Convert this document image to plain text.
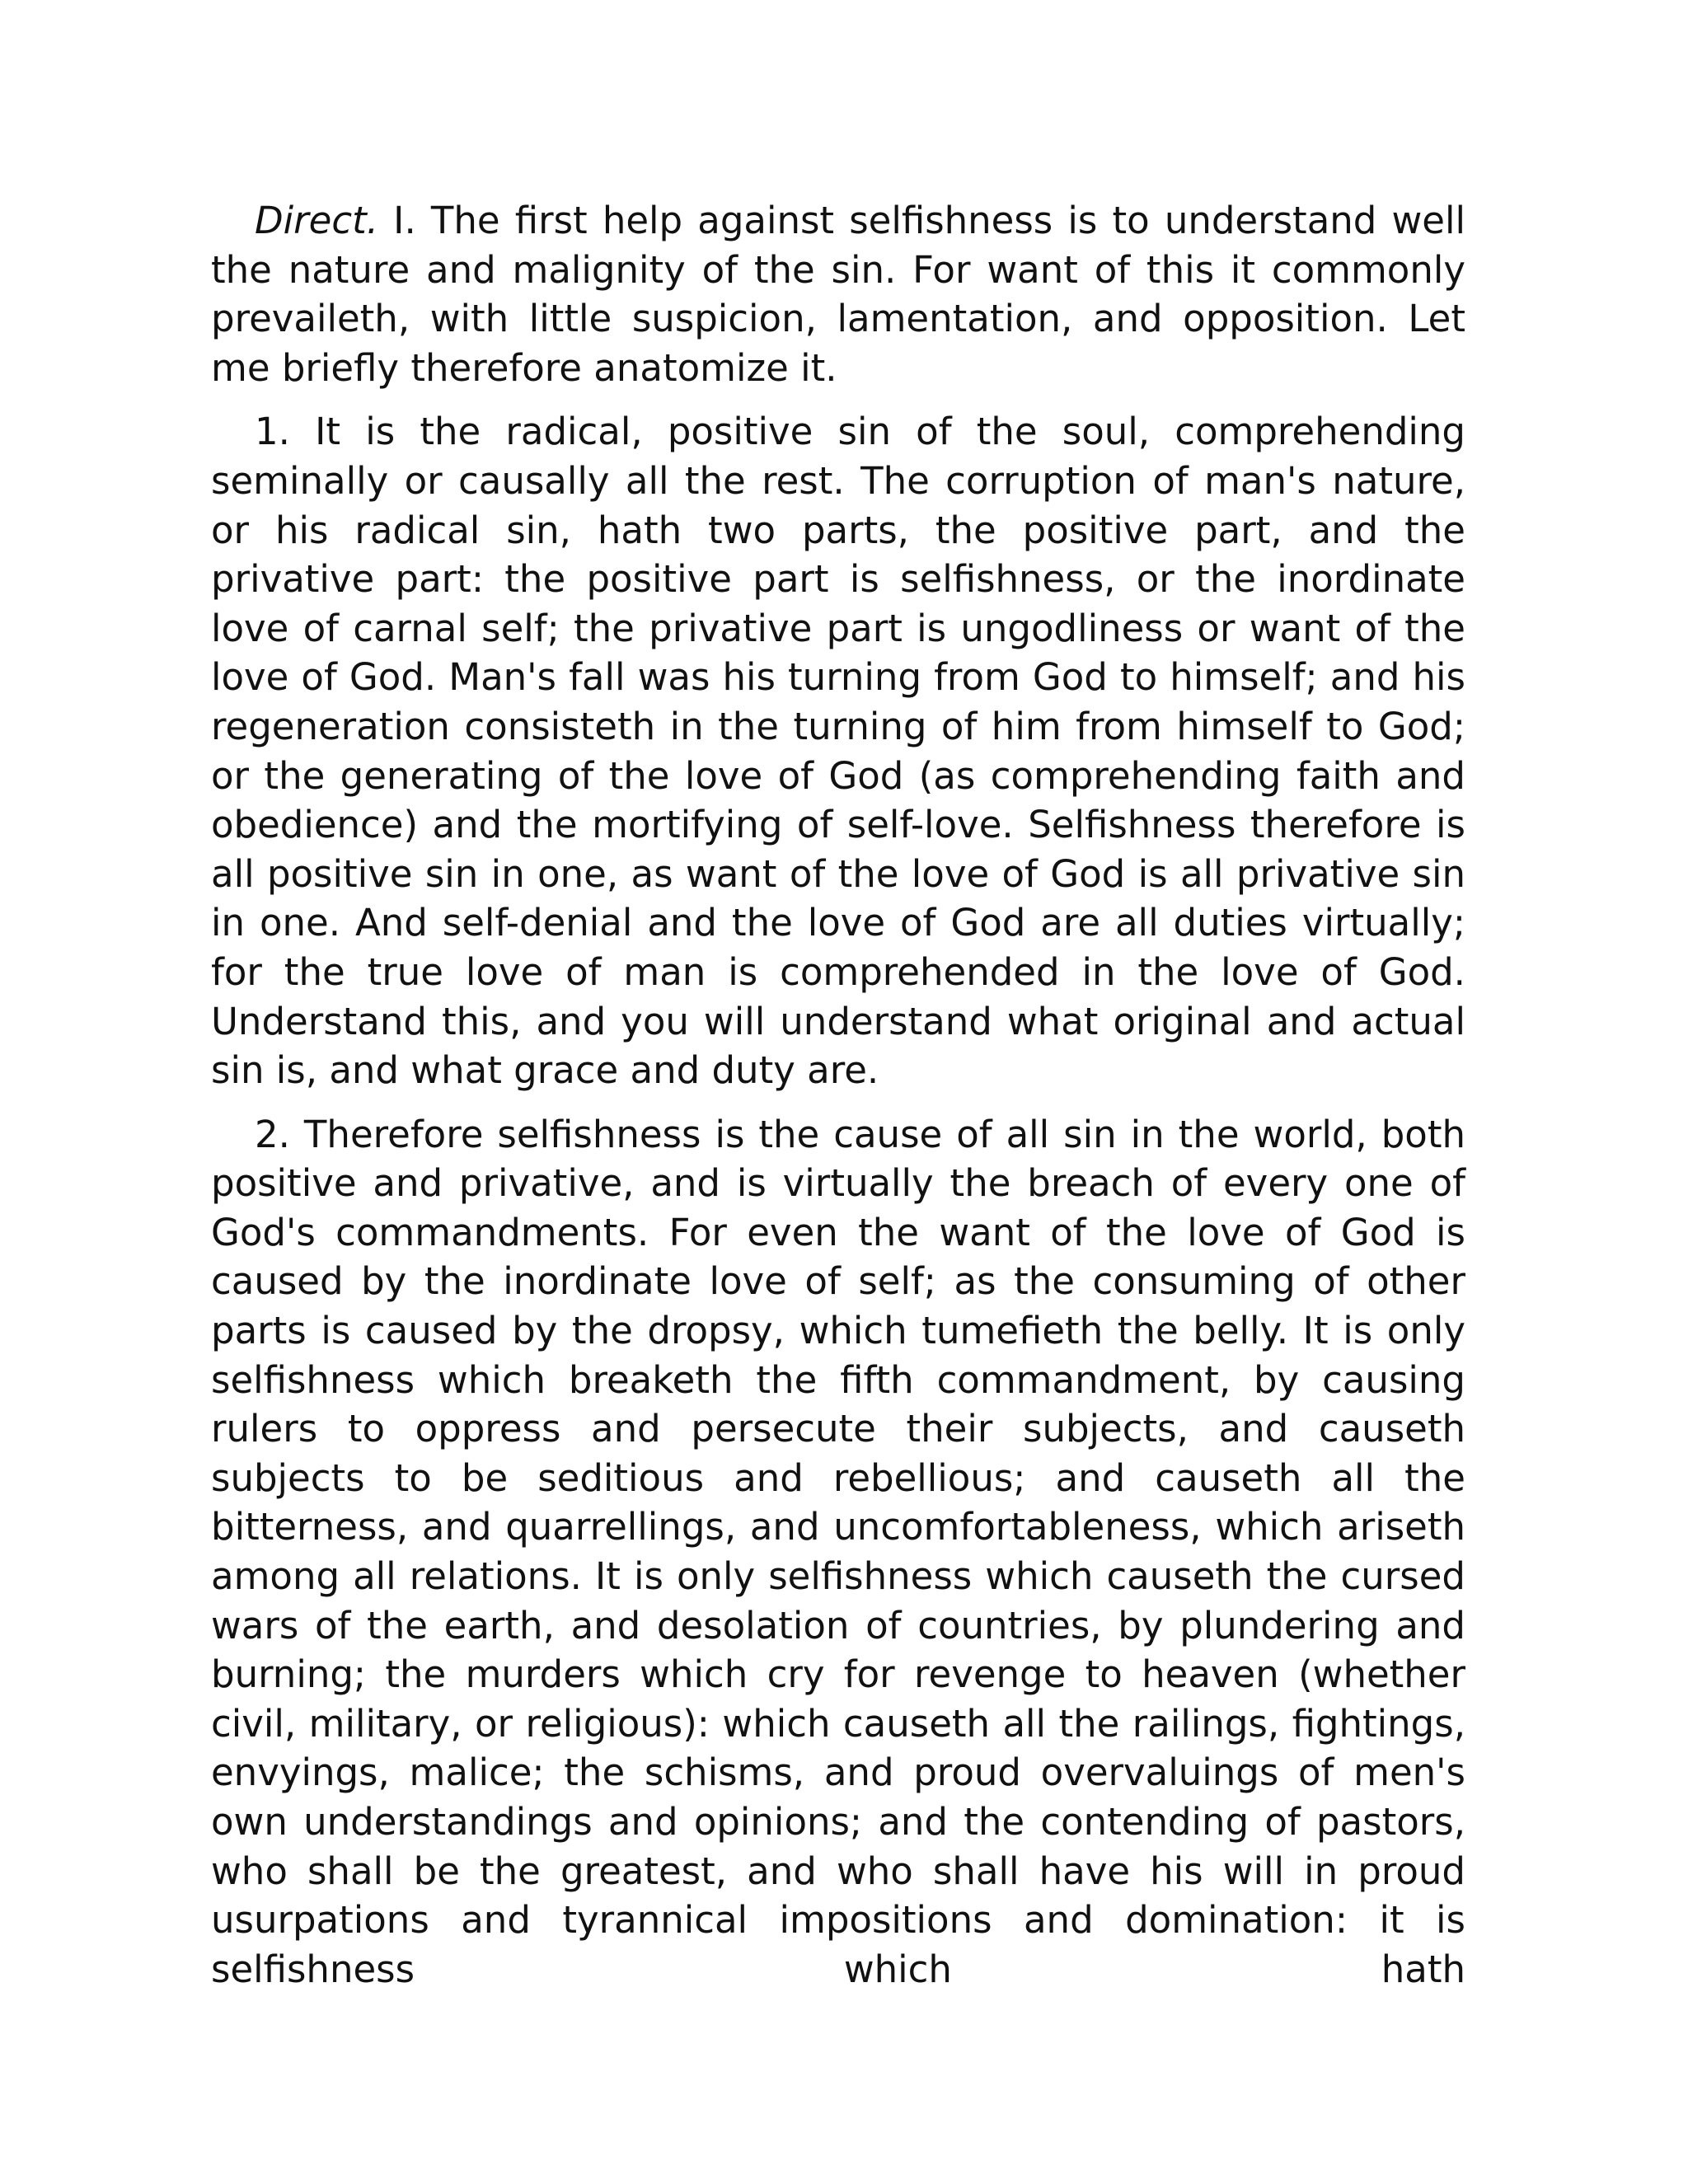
Direct. I. The first help against selfishness is to understand well the nature and malignity of the sin. For want of this it commonly prevaileth, with little suspicion, lamentation, and opposition. Let me briefly therefore anatomize it.

1. It is the radical, positive sin of the soul, comprehending seminally or causally all the rest. The corruption of man's nature, or his radical sin, hath two parts, the positive part, and the privative part: the positive part is selfishness, or the inordinate love of carnal self; the privative part is ungodliness or want of the love of God. Man's fall was his turning from God to himself; and his regeneration consisteth in the turning of him from himself to God; or the generating of the love of God (as comprehending faith and obedience) and the mortifying of self-love. Selfishness therefore is all positive sin in one, as want of the love of God is all privative sin in one. And self-denial and the love of God are all duties virtually; for the true love of man is comprehended in the love of God. Understand this, and you will understand what original and actual sin is, and what grace and duty are.

2. Therefore selfishness is the cause of all sin in the world, both positive and privative, and is virtually the breach of every one of God's commandments. For even the want of the love of God is caused by the inordinate love of self; as the consuming of other parts is caused by the dropsy, which tumefieth the belly. It is only selfishness which breaketh the fifth commandment, by causing rulers to oppress and persecute their subjects, and causeth subjects to be seditious and rebellious; and causeth all the bitterness, and quarrellings, and uncomfortableness, which ariseth among all relations. It is only selfishness which causeth the cursed wars of the earth, and desolation of countries, by plundering and burning; the murders which cry for revenge to heaven (whether civil, military, or religious): which causeth all the railings, fightings, envyings, malice; the schisms, and proud overvaluings of men's own understandings and opinions; and the contending of pastors, who shall be the greatest, and who shall have his will in proud usurpations and tyrannical impositions and domination: it is selfishness which hath
